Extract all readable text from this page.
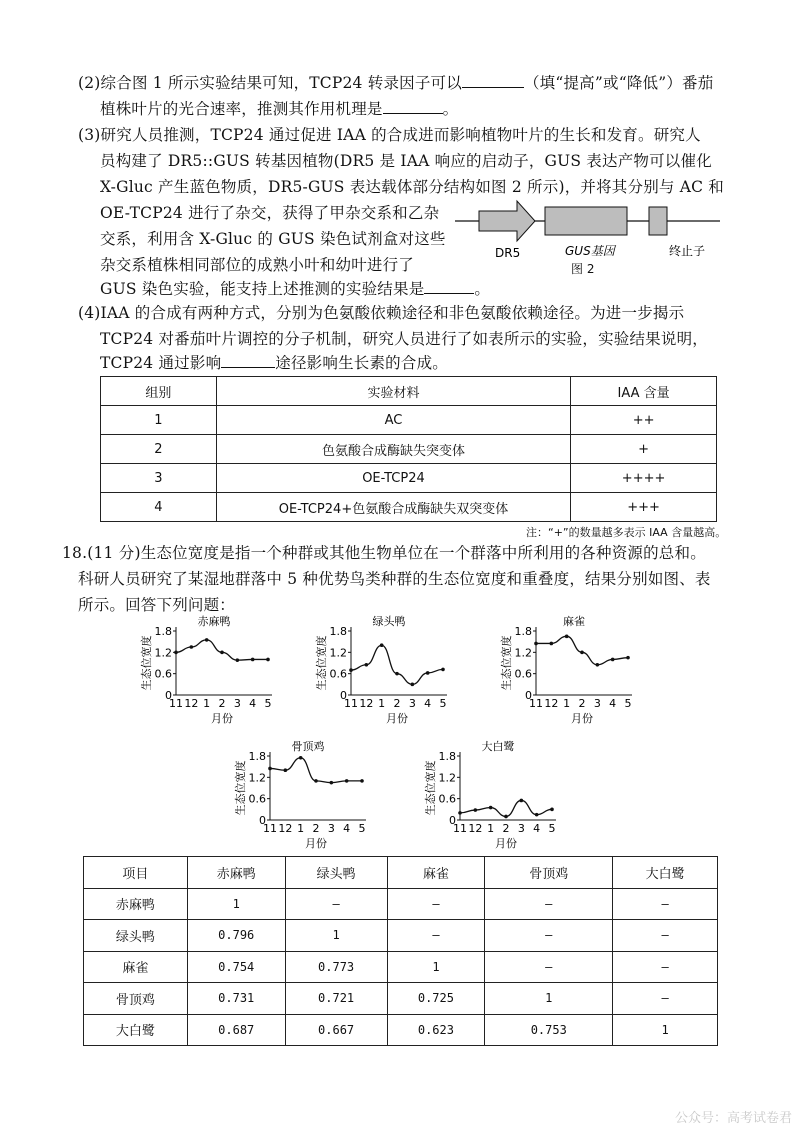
(2)综合图 1 所示实验结果可知，TCP24 转录因子可以	（填“提高”或“降低”）番茄
植株叶片的光合速率，推测其作用机理是	。
(3)研究人员推测，TCP24 通过促进 IAA 的合成进而影响植物叶片的生长和发育。研究人
员构建了 DR5::GUS 转基因植物(DR5 是 IAA 响应的启动子，GUS 表达产物可以催化
X-Gluc 产生蓝色物质，DR5-GUS 表达载体部分结构如图 2 所示)，并将其分别与 AC 和
OE-TCP24 进行了杂交，获得了甲杂交系和乙杂
交系，利用含 X-Gluc 的 GUS 染色试剂盒对这些
杂交系植株相同部位的成熟小叶和幼叶进行了
GUS 染色实验，能支持上述推测的实验结果是	。
DR5	GUS基因	终止子
图 2
(4)IAA 的合成有两种方式，分别为色氨酸依赖途径和非色氨酸依赖途径。为进一步揭示
TCP24 对番茄叶片调控的分子机制，研究人员进行了如表所示的实验，实验结果说明，
TCP24 通过影响	途径影响生长素的合成。
组别	实验材料	IAA 含量
1	AC	++
2	色氨酸合成酶缺失突变体	+
3	OE-TCP24	++++
4	OE-TCP24+色氨酸合成酶缺失双突变体	+++
注：“+”的数量越多表示 IAA 含量越高。
18.(11 分)生态位宽度是指一个种群或其他生物单位在一个群落中所利用的各种资源的总和。
科研人员研究了某湿地群落中 5 种优势鸟类种群的生态位宽度和重叠度，结果分别如图、表
所示。回答下列问题：
赤麻鸭
生态位宽度
0
0.6
1.2
1.8
11 12 1 2 3 4 5
月份
绿头鸭
生态位宽度
0
0.6
1.2
1.8
11 12 1 2 3 4 5
月份
麻雀
生态位宽度
0
0.6
1.2
1.8
11 12 1 2 3 4 5
月份
骨顶鸡
生态位宽度
0
0.6
1.2
1.8
11 12 1 2 3 4 5
月份
大白鹭
生态位宽度
0
0.6
1.2
1.8
11 12 1 2 3 4 5
月份
项目	赤麻鸭	绿头鸭	麻雀	骨顶鸡	大白鹭
赤麻鸭	1	—	—	—	—
绿头鸭	0.796	1	—	—	—
麻雀	0.754	0.773	1	—	—
骨顶鸡	0.731	0.721	0.725	1	—
大白鹭	0.687	0.667	0.623	0.753	1
公众号：高考试卷君
